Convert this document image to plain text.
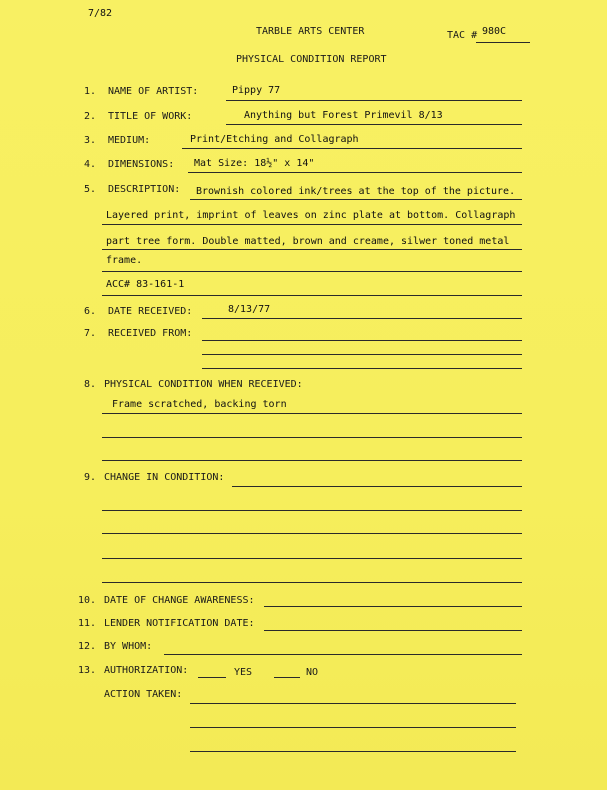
7/82
TARBLE ARTS CENTER	TAC # 980C
PHYSICAL CONDITION REPORT
1. NAME OF ARTIST:	Pippy 77
2. TITLE OF WORK:	Anything but Forest Primevil 8/13
3. MEDIUM:	Print/Etching and Collagraph
4. DIMENSIONS: Mat Size: 18½" x 14"
5. DESCRIPTION: Brownish colored ink/trees at the top of the picture.
Layered print, imprint of leaves on zinc plate at bottom. Collagraph
part tree form. Double matted, brown and creame, silwer toned metal
frame.
ACC# 83-161-1
6. DATE RECEIVED:	8/13/77
7. RECEIVED FROM:
8. PHYSICAL CONDITION WHEN RECEIVED:
Frame scratched, backing torn
9. CHANGE IN CONDITION:
10. DATE OF CHANGE AWARENESS:
11. LENDER NOTIFICATION DATE:
12. BY WHOM:
13. AUTHORIZATION:	YES	NO
ACTION TAKEN:
